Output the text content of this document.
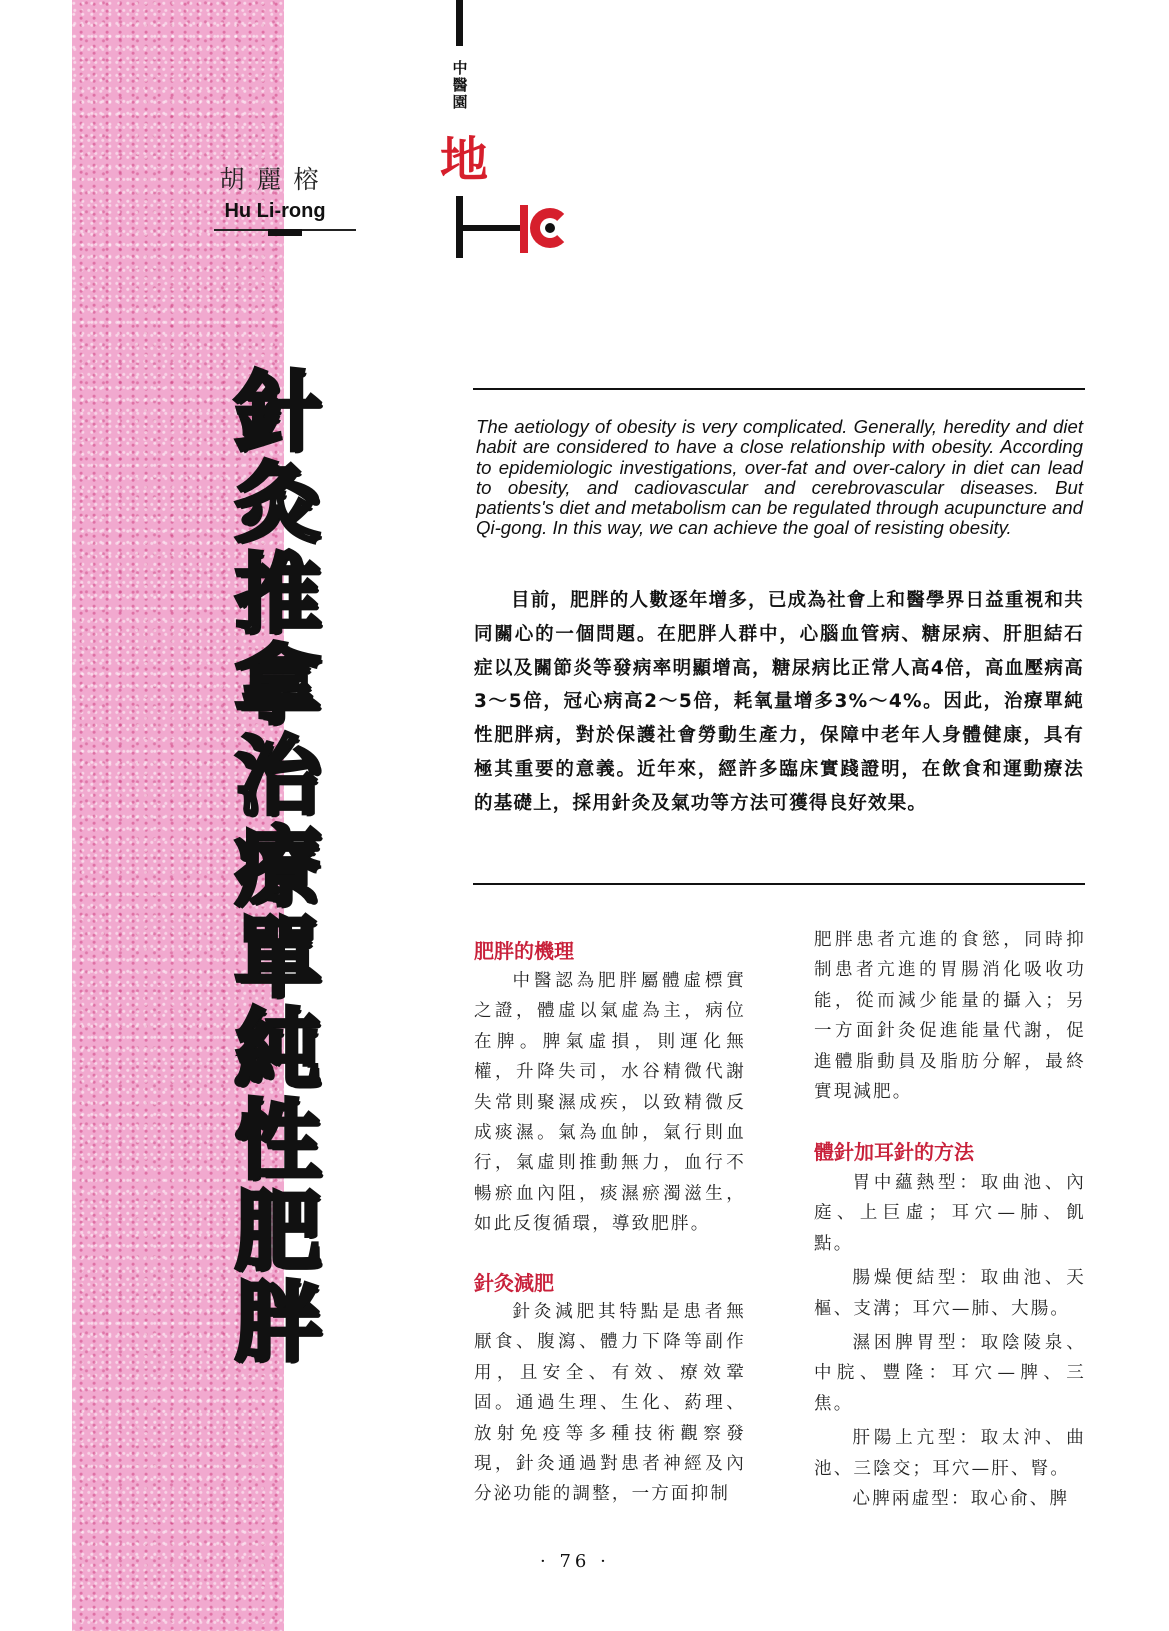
胡麗榕
Hu Li-rong
中
醫
園
地
針
灸
推
拿
治
療
單
純
性
肥
胖
The aetiology of obesity is very complicated. Generally, heredity and diet habit are considered to have a close relationship with obesity. According to epidemiologic investigations, over-fat and over-calory in diet can lead to obesity, and cadiovascular and cerebrovascular diseases. But patients's diet and metabolism can be regulated through acupuncture and Qi-gong. In this way, we can achieve the goal of resisting obesity.

目前，肥胖的人數逐年增多，已成為社會上和醫學界日益重視和共同關心的一個問題。在肥胖人群中，心腦血管病、糖尿病、肝胆結石症以及關節炎等發病率明顯增高，糖尿病比正常人高4倍，高血壓病高3〜5倍，冠心病高2〜5倍，耗氧量增多3%〜4%。因此，治療單純性肥胖病，對於保護社會勞動生產力，保障中老年人身體健康，具有極其重要的意義。近年來，經許多臨床實踐證明，在飲食和運動療法的基礎上，採用針灸及氣功等方法可獲得良好效果。

肥胖的機理

中醫認為肥胖屬體虛標實之證，體虛以氣虛為主，病位在脾。脾氣虛損，則運化無權，升降失司，水谷精微代謝失常則聚濕成疾，以致精微反成痰濕。氣為血帥，氣行則血行，氣虛則推動無力，血行不暢瘀血內阻，痰濕瘀濁滋生，如此反復循環，導致肥胖。

針灸減肥

針灸減肥其特點是患者無厭食、腹瀉、體力下降等副作用，且安全、有效、療效鞏固。通過生理、生化、葯理、放射免疫等多種技術觀察發現，針灸通過對患者神經及內分泌功能的調整，一方面抑制

肥胖患者亢進的食慾，同時抑制患者亢進的胃腸消化吸收功能，從而減少能量的攝入；另一方面針灸促進能量代謝，促進體脂動員及脂肪分解，最終實現減肥。

體針加耳針的方法

胃中蘊熱型：取曲池、內庭、上巨虛；耳穴—肺、飢點。

腸燥便結型：取曲池、天樞、支溝；耳穴—肺、大腸。

濕困脾胃型：取陰陵泉、中脘、豐隆：耳穴—脾、三焦。

肝陽上亢型：取太沖、曲池、三陰交；耳穴—肝、腎。

心脾兩虛型：取心俞、脾

· 76 ·
